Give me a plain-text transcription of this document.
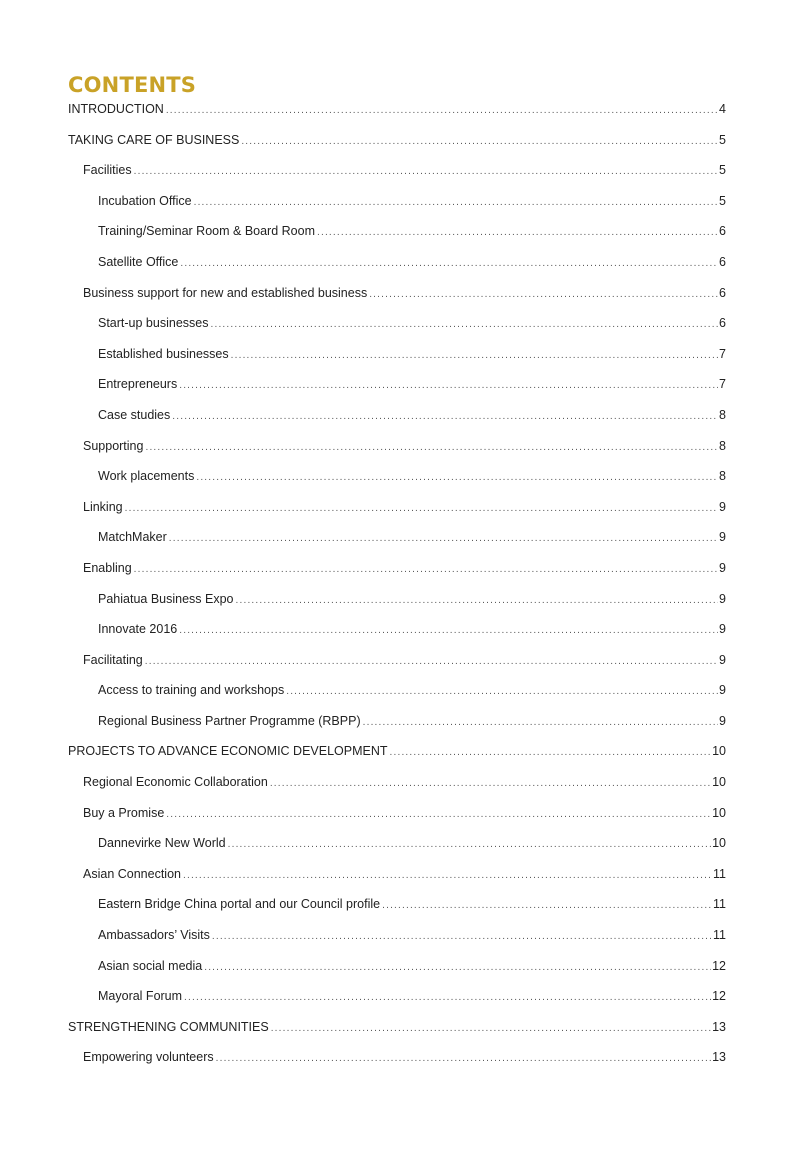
CONTENTS
INTRODUCTION .....	4
TAKING CARE OF BUSINESS .....	5
Facilities .....	5
Incubation Office .....	5
Training/Seminar Room & Board Room .....	6
Satellite Office .....	6
Business support for new and established business .....	6
Start-up businesses .....	6
Established businesses .....	7
Entrepreneurs .....	7
Case studies .....	8
Supporting .....	8
Work placements .....	8
Linking .....	9
MatchMaker .....	9
Enabling .....	9
Pahiatua Business Expo .....	9
Innovate 2016 .....	9
Facilitating .....	9
Access to training and workshops .....	9
Regional Business Partner Programme (RBPP) .....	9
PROJECTS TO ADVANCE ECONOMIC DEVELOPMENT .....	10
Regional Economic Collaboration .....	10
Buy a Promise .....	10
Dannevirke New World .....	10
Asian Connection .....	11
Eastern Bridge China portal and our Council profile .....	11
Ambassadors’ Visits .....	11
Asian social media .....	12
Mayoral Forum .....	12
STRENGTHENING COMMUNITIES .....	13
Empowering volunteers .....	13
